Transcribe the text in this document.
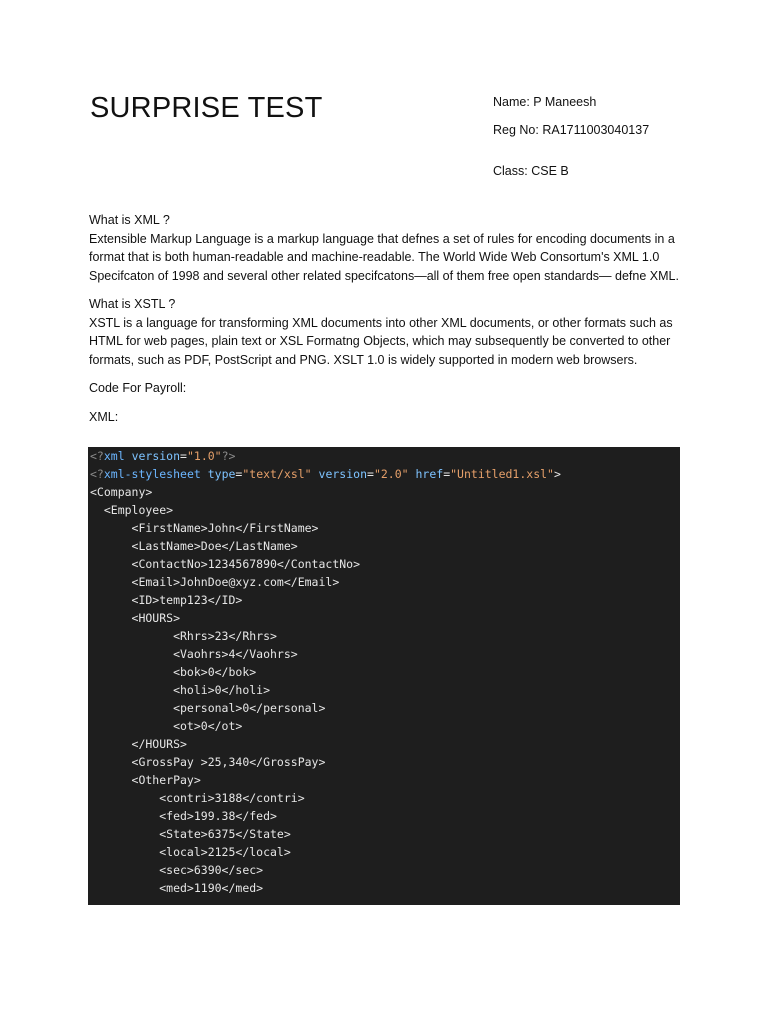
SURPRISE TEST	Name: P Maneesh
Reg No: RA1711003040137
Class: CSE B

What is XML ?

Extensible Markup Language is a markup language that defnes a set of rules for encoding documents in a format that is both human-readable and machine-readable. The World Wide Web Consortum's XML 1.0 Specifcaton of 1998 and several other related specifcatons—all of them free open standards— defne XML.

What is XSTL ?

XSTL is a language for transforming XML documents into other XML documents, or other formats such as HTML for web pages, plain text or XSL Formatng Objects, which may subsequently be converted to other formats, such as PDF, PostScript and PNG. XSLT 1.0 is widely supported in modern web browsers.

Code For Payroll:

XML:

<?xml version="1.0"?>
<?xml-stylesheet type="text/xsl" version="2.0" href="Untitled1.xsl">
<Company>
<Employee>
<FirstName>John</FirstName>
<LastName>Doe</LastName>
<ContactNo>1234567890</ContactNo>
<Email>JohnDoe@xyz.com</Email>
<ID>temp123</ID>
<HOURS>
<Rhrs>23</Rhrs>
<Vaohrs>4</Vaohrs>
<bok>0</bok>
<holi>0</holi>
<personal>0</personal>
<ot>0</ot>
</HOURS>
<GrossPay >25,340</GrossPay>
<OtherPay>
<contri>3188</contri>
<fed>199.38</fed>
<State>6375</State>
<local>2125</local>
<sec>6390</sec>
<med>1190</med>
